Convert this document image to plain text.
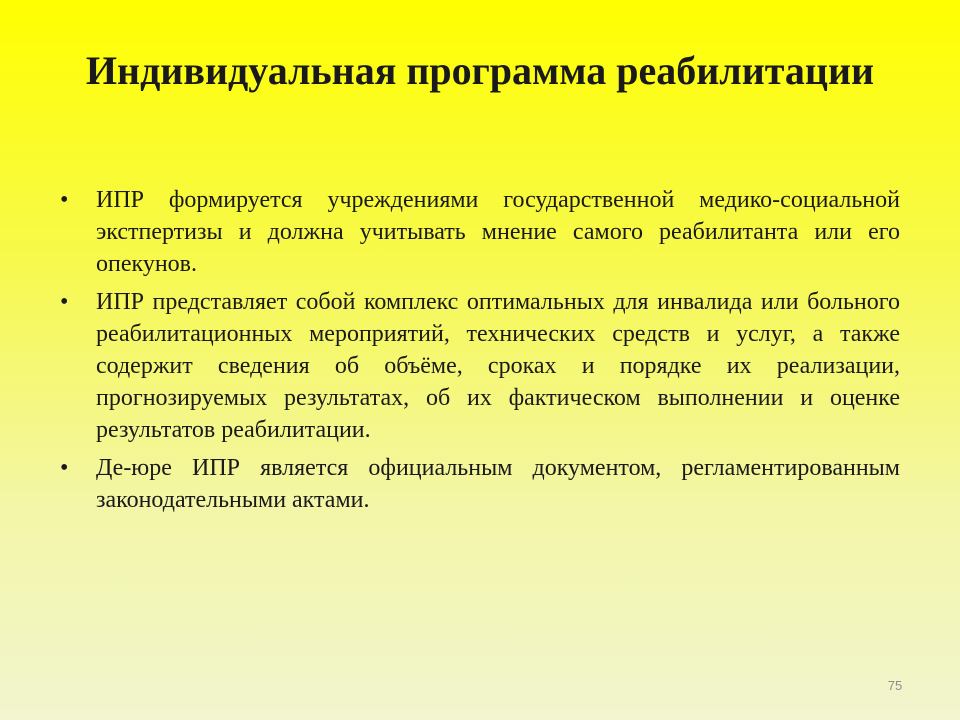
Индивидуальная программа реабилитации
•	ИПР формируется учреждениями государственной медико-социальной экстпертизы и должна учитывать мнение самого реабилитанта или его опекунов.
•	ИПР представляет собой комплекс оптимальных для инвалида или больного реабилитационных мероприятий, технических средств и услуг, а также содержит сведения об объёме, сроках и порядке их реализации, прогнозируемых результатах, об их фактическом выполнении и оценке результатов реабилитации.
•	Де-юре ИПР является официальным документом, регламентированным законодательными актами.
75
